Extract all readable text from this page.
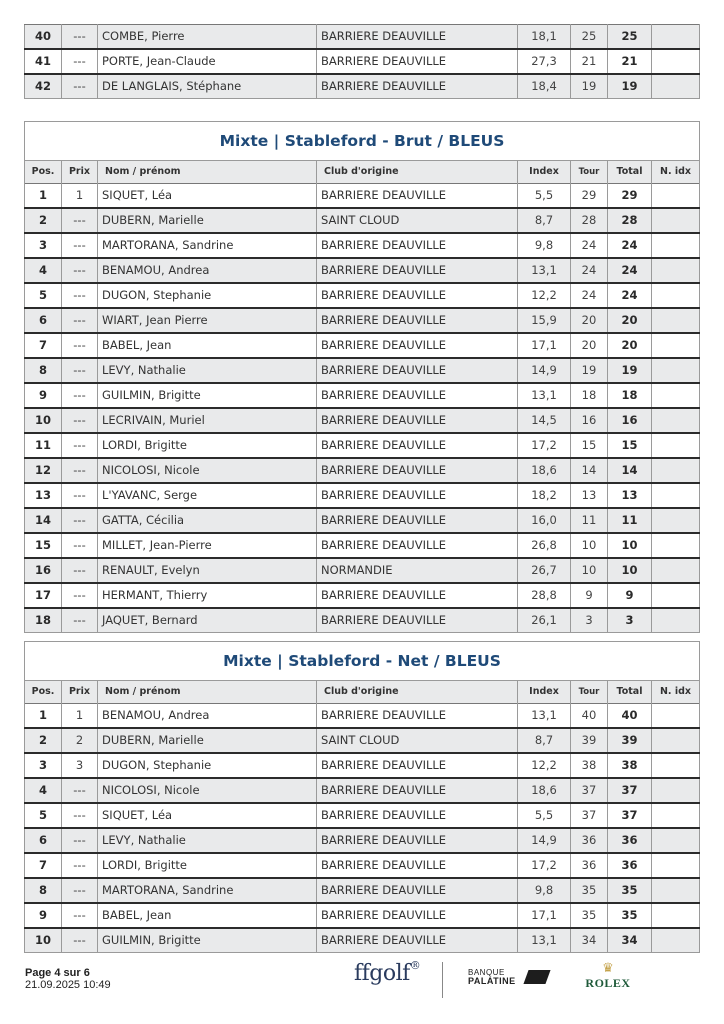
40	---	COMBE, Pierre	BARRIERE DEAUVILLE	18,1	25	25	
41	---	PORTE, Jean-Claude	BARRIERE DEAUVILLE	27,3	21	21	
42	---	DE LANGLAIS, Stéphane	BARRIERE DEAUVILLE	18,4	19	19	
Mixte | Stableford - Brut / BLEUS							
Pos.	Prix	Nom / prénom	Club d'origine	Index	Tour	Total	N. idx
1	1	SIQUET, Léa	BARRIERE DEAUVILLE	5,5	29	29	
2	---	DUBERN, Marielle	SAINT CLOUD	8,7	28	28	
3	---	MARTORANA, Sandrine	BARRIERE DEAUVILLE	9,8	24	24	
4	---	BENAMOU, Andrea	BARRIERE DEAUVILLE	13,1	24	24	
5	---	DUGON, Stephanie	BARRIERE DEAUVILLE	12,2	24	24	
6	---	WIART, Jean Pierre	BARRIERE DEAUVILLE	15,9	20	20	
7	---	BABEL, Jean	BARRIERE DEAUVILLE	17,1	20	20	
8	---	LEVY, Nathalie	BARRIERE DEAUVILLE	14,9	19	19	
9	---	GUILMIN, Brigitte	BARRIERE DEAUVILLE	13,1	18	18	
10	---	LECRIVAIN, Muriel	BARRIERE DEAUVILLE	14,5	16	16	
11	---	LORDI, Brigitte	BARRIERE DEAUVILLE	17,2	15	15	
12	---	NICOLOSI, Nicole	BARRIERE DEAUVILLE	18,6	14	14	
13	---	L'YAVANC, Serge	BARRIERE DEAUVILLE	18,2	13	13	
14	---	GATTA, Cécilia	BARRIERE DEAUVILLE	16,0	11	11	
15	---	MILLET, Jean-Pierre	BARRIERE DEAUVILLE	26,8	10	10	
16	---	RENAULT, Evelyn	NORMANDIE	26,7	10	10	
17	---	HERMANT, Thierry	BARRIERE DEAUVILLE	28,8	9	9	
18	---	JAQUET, Bernard	BARRIERE DEAUVILLE	26,1	3	3	
Mixte | Stableford - Net / BLEUS							
Pos.	Prix	Nom / prénom	Club d'origine	Index	Tour	Total	N. idx
1	1	BENAMOU, Andrea	BARRIERE DEAUVILLE	13,1	40	40	
2	2	DUBERN, Marielle	SAINT CLOUD	8,7	39	39	
3	3	DUGON, Stephanie	BARRIERE DEAUVILLE	12,2	38	38	
4	---	NICOLOSI, Nicole	BARRIERE DEAUVILLE	18,6	37	37	
5	---	SIQUET, Léa	BARRIERE DEAUVILLE	5,5	37	37	
6	---	LEVY, Nathalie	BARRIERE DEAUVILLE	14,9	36	36	
7	---	LORDI, Brigitte	BARRIERE DEAUVILLE	17,2	36	36	
8	---	MARTORANA, Sandrine	BARRIERE DEAUVILLE	9,8	35	35	
9	---	BABEL, Jean	BARRIERE DEAUVILLE	17,1	35	35	
10	---	GUILMIN, Brigitte	BARRIERE DEAUVILLE	13,1	34	34	
Page 4 sur 6
21.09.2025 10:49	ffgolf®
BANQUE
PALATINE
♛
ROLEX
